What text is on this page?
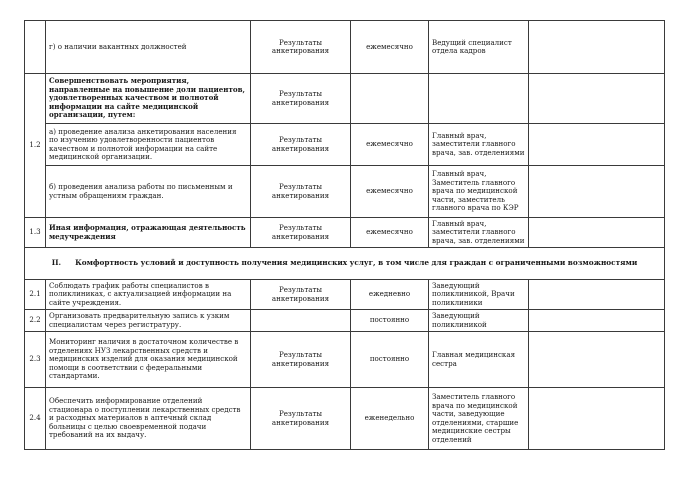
	г) о наличии вакантных должностей	Результаты анкетирования	ежемесячно	Ведущий специалист отдела кадров	
1.2	Совершенствовать мероприятия, направленные на повышение доли пациентов, удовлетворенных качеством и полнотой информации на сайте медицинской организации, путем:	Результаты анкетирования			
	а) проведение анализа анкетирования населения по изучению удовлетворенности пациентов качеством и полнотой информации на сайте медицинской организации.	Результаты анкетирования	ежемесячно	Главный врач, заместители главного врача, зав. отделениями	
	б) проведения анализа работы по письменным и устным обращениям граждан.	Результаты анкетирования	ежемесячно	Главный врач, Заместитель главного врача по медицинской части, заместитель главного врача по КЭР	
1.3	Иная информация, отражающая деятельность медучреждения	Результаты анкетирования	ежемесячно	Главный врач, заместители главного врача, зав. отделениями	
II. Комфортность условий и доступность получения медицинских услуг, в том числе для граждан с ограниченными возможностями					
2.1	Соблюдать график работы специалистов в поликлиниках, с актуализацией информации на сайте учреждения.	Результаты анкетирования	ежедневно	Заведующий поликлиникой, Врачи поликлиники	
2.2	Организовать предварительную запись к узким специалистам через регистратуру.		постоянно	Заведующий поликлиникой	
2.3	Мониторинг наличия в достаточном количестве в отделениях НУЗ лекарственных средств и медицинских изделий для оказания медицинской помощи в соответствии с федеральными стандартами.	Результаты анкетирования	постоянно	Главная медицинская сестра	
2.4	Обеспечить информирование отделений стационара о поступлении лекарственных средств и расходных материалов в аптечный склад больницы с целью своевременной подачи требований на их выдачу.	Результаты анкетирования	еженедельно	Заместитель главного врача по медицинской части, заведующие отделениями, старшие медицинские сестры отделений	
